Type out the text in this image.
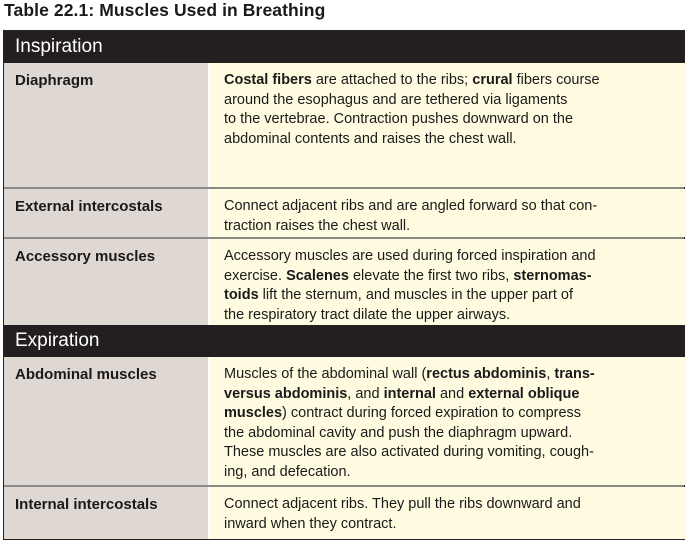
Table 22.1: Muscles Used in Breathing
Inspiration
Diaphragm	Costal fibers are attached to the ribs; crural fibers course
around the esophagus and are tethered via ligaments
to the vertebrae. Contraction pushes downward on the
abdominal contents and raises the chest wall.
External intercostals	Connect adjacent ribs and are angled forward so that con-
traction raises the chest wall.
Accessory muscles	Accessory muscles are used during forced inspiration and
exercise. Scalenes elevate the first two ribs, sternomas-
toids lift the sternum, and muscles in the upper part of
the respiratory tract dilate the upper airways.
Expiration
Abdominal muscles	Muscles of the abdominal wall (rectus abdominis, trans-
versus abdominis, and internal and external oblique
muscles) contract during forced expiration to compress
the abdominal cavity and push the diaphragm upward.
These muscles are also activated during vomiting, cough-
ing, and defecation.
Internal intercostals	Connect adjacent ribs. They pull the ribs downward and
inward when they contract.
